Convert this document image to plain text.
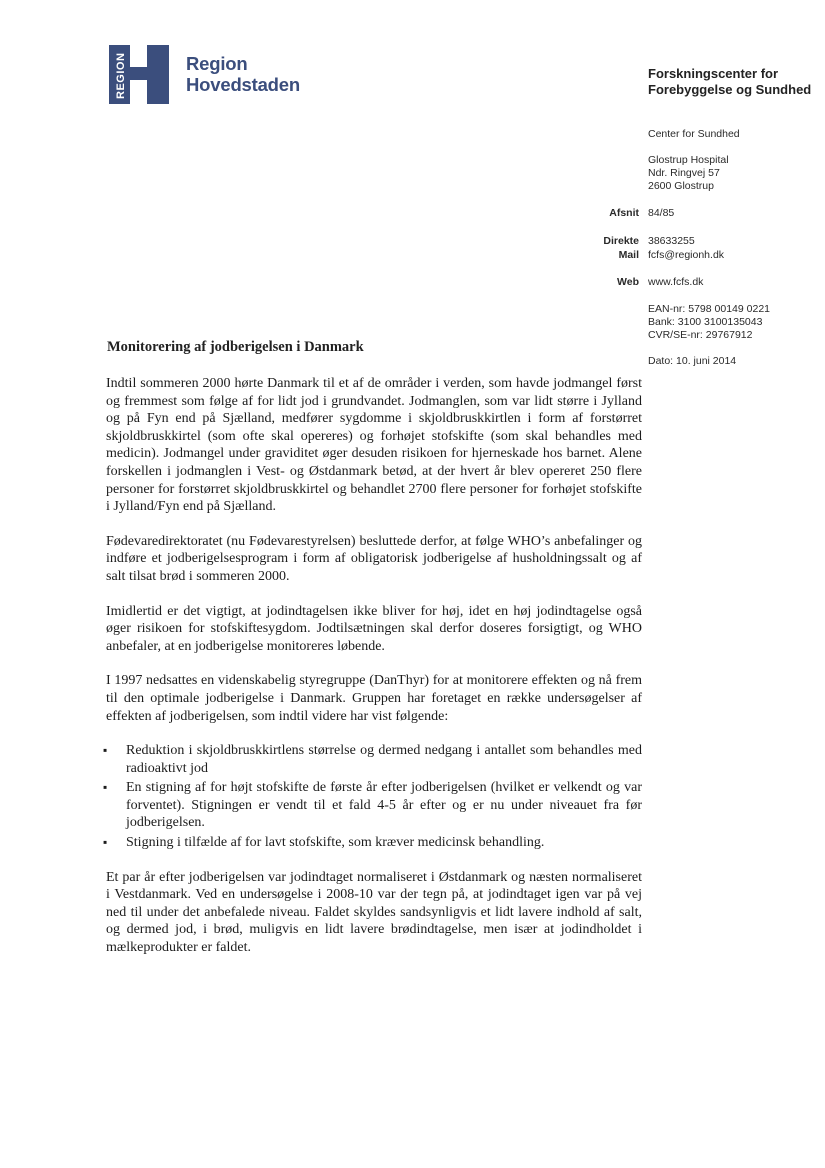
REGION	Region
Hovedstaden
Forskningscenter for Forebyggelse og Sundhed
Center for Sundhed
Glostrup Hospital
Ndr. Ringvej 57
2600 Glostrup
Afsnit 84/85
Direkte 38633255
Mail fcfs@regionh.dk
Web www.fcfs.dk
EAN-nr: 5798 00149 0221
Bank: 3100 3100135043
CVR/SE-nr: 29767912
Dato: 10. juni 2014
Monitorering af jodberigelsen i Danmark

Indtil sommeren 2000 hørte Danmark til et af de områder i verden, som havde jodmangel først og fremmest som følge af for lidt jod i grundvandet. Jodmanglen, som var lidt større i Jylland og på Fyn end på Sjælland, medfører sygdomme i skjoldbruskkirtlen i form af forstørret skjoldbruskkirtel (som ofte skal opereres) og forhøjet stofskifte (som skal behandles med medicin). Jodmangel under graviditet øger desuden risikoen for hjerneskade hos barnet. Alene forskellen i jodmanglen i Vest- og Østdanmark betød, at der hvert år blev opereret 250 flere personer for forstørret skjoldbruskkirtel og behandlet 2700 flere personer for forhøjet stofskifte i Jylland/Fyn end på Sjælland.

Fødevaredirektoratet (nu Fødevarestyrelsen) besluttede derfor, at følge WHO’s anbefalinger og indføre et jodberigelsesprogram i form af obligatorisk jodberigelse af husholdningssalt og af salt tilsat brød i sommeren 2000.

Imidlertid er det vigtigt, at jodindtagelsen ikke bliver for høj, idet en høj jodindtagelse også øger risikoen for stofskiftesygdom. Jodtilsætningen skal derfor doseres forsigtigt, og WHO anbefaler, at en jodberigelse monitoreres løbende.

I 1997 nedsattes en videnskabelig styregruppe (DanThyr) for at monitorere effekten og nå frem til den optimale jodberigelse i Danmark. Gruppen har foretaget en række undersøgelser af effekten af jodberigelsen, som indtil videre har vist følgende:

▪ Reduktion i skjoldbruskkirtlens størrelse og dermed nedgang i antallet som behandles med radioaktivt jod
▪ En stigning af for højt stofskifte de første år efter jodberigelsen (hvilket er velkendt og var forventet). Stigningen er vendt til et fald 4-5 år efter og er nu under niveauet fra før jodberigelsen.
▪ Stigning i tilfælde af for lavt stofskifte, som kræver medicinsk behandling.

Et par år efter jodberigelsen var jodindtaget normaliseret i Østdanmark og næsten normaliseret i Vestdanmark. Ved en undersøgelse i 2008-10 var der tegn på, at jodindtaget igen var på vej ned til under det anbefalede niveau. Faldet skyldes sandsynligvis et lidt lavere indhold af salt, og dermed jod, i brød, muligvis en lidt lavere brødindtagelse, men især at jodindholdet i mælkeprodukter er faldet.
